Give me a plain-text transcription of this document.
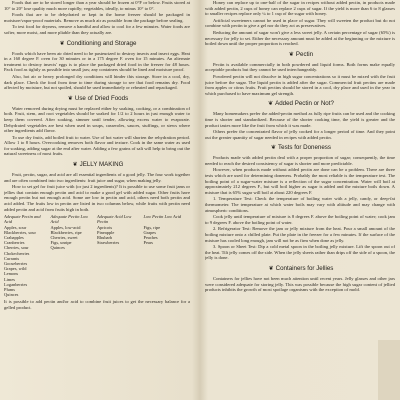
Foods that are to be stored longer than a year should be frozen at 0°F or below. Fruits stored at 10° to 20° lose quality much more rapidly; vegetables, ideally, to minus 10° to 0°.

Foods that are to be dehydrated or kept in the home freezer should be packaged in moisture/vapor-proof materials. Remove as much air as possible from the package before sealing.

To test food for dryness, remove a handful and allow to cool for a few minutes. Water foods are softer, more moist, and more pliable than they actually are.

❦ Conditioning and Storage

Foods which have been air dried need to be pasteurized to destroy insects and insect eggs. Heat in a 160 degree F. oven for 30 minutes or in a 175 degree F. oven for 15 minutes. An alternate treatment to destroy insects' eggs is to place the packaged dried food in the freezer for 48 hours. Pack food as tightly as possible into small jars; any containers should be lined and moisture proof.

Also, hot air or heavy prolonged dry conditions will hinder this storage. Store in a cool, dry, dark place. Check the food from time to time during storage to see that food remains dry. Food affected by moisture, but not spoiled, should be used immediately or reheated and repackaged.

❦ Use of Dried Foods

Water removed during drying must be replaced either by soaking, cooking, or a combination of both. Fruit, stem, and root vegetables should be soaked for 1/2 to 2 hours in just enough water to keep them covered. After soaking, simmer until tender, allowing excess water to evaporate. Dehydrated vegetables are best when used in soups, casseroles, sauces, stuffings, or stews where other ingredients add flavor.

To use dry fruits, add boiled fruit to water. Use of hot water will shorten the rehydration period. Allow 1 to 8 hours. Overcooking removes both flavor and texture. Cook in the same water as used for soaking, adding sugar at the end after water. Adding a few grains of salt will help to bring out the natural sweetness of most fruits.

❦ JELLY MAKING

Fruit, pectin, sugar, and acid are all essential ingredients of a good jelly. The four work together and are often combined into two ingredients: fruit juice and sugar, when making jelly.

How to set gel for fruit juice with (or just 2 ingredients)? It is possible to use some fruit jams or jellies that contain enough pectin and acid to make a good gel with added sugar. Other fruits have enough pectin but not enough acid. Some are low in pectin and acid, others need both pectin and acid added. The fruits low in pectin are listed in two columns below, while fruits with pectin need added pectin and acid from fruits high in both.

Adequate Pectin and Acid
Adequate Pectin Low Acid
Adequate Acid Low Pectin
Low Pectin Low Acid
Apples, sour
Blackberries, sour
Crabapples
Cranberries
Cherries, sour
Chokecherries
Currants
Gooseberries
Grapes, wild
Lemons
Limes
Loganberries
Plums
Quinces
Apples, low-acid
Blackberries, ripe
Cherries, sweet
Figs, unripe
Quinces
Apricots
Pineapple
Rhubarb
Strawberries
Figs, ripe
Grapes
Peaches
Pears

It is possible to add pectin and/or acid to combine fruit juices to get the necessary balance for a gelled product.

Honey can replace up to one-half of the sugar in recipes without added pectin, in products made with added pectin, 2 cups of honey can replace 2 cups of sugar. If the yield is more than 6 to 8 glasses to smaller recipes replace only ¼ to 1 cup of the sugar with honey.

Artificial sweeteners cannot be used in place of sugar. They will sweeten the product but do not combine with pectin to give a gel nor do they act as preservatives.

Reducing the amount of sugar won't give a less sweet jelly. A certain percentage of sugar (65%) is necessary for jelly to set. Either the necessary amount must be added at the beginning or the mixture is boiled down until the proper proportion is reached.

❦ Pectin

Pectin is available commercially in both powdered and liquid forms. Both forms make equally acceptable products but they cannot be used interchangeably.

Powdered pectin will not dissolve in high sugar concentrations so it must be mixed with the fruit juice before the sugar. The liquid pectin is added after the sugar. Commercial fruit pectins are made from apples or citrus fruits. Fruit pectins should be stored in a cool, dry place and used in the year in which purchased to have maximum gel strength.

❦ Added Pectin or Not?

Many homemakers prefer the added-pectin method as fully ripe fruits can be used and the cooking time is shorter and standardized. Because of the shorter cooking time, the yield is greater and the product tastes more like the fruit from which it was made.

Others prefer the concentrated flavor of jelly cooked for a longer period of time. And they point out the greater quantity of sugar needed in recipes with added pectin.

❦ Tests for Doneness

Products made with added pectin deal with a proper proportion of sugar; consequently, the time needed to reach the desired consistency of sugar is shorter and more predictable.

However, when products made without added pectin are done can be a problem. There are three tests which are used for determining doneness. Probably the most reliable is the temperature test. The boiling point of a sugar-water mixture is a reflection of the sugar concentration. Water will boil at approximately 212 degrees F., but will boil higher as sugar is added and the mixture boils down. A mixture that is 65% sugar will boil at about 220 degrees F.

1. Temperature Test: Check the temperature of boiling water with a jelly, candy, or deep-fat thermometer. The temperature at which water boils may vary with altitude and may change with atmospheric conditions.

Cook jelly until temperature of mixture is 8 degrees F. above the boiling point of water; cook jam to 9 degrees F. above the boiling point of water.

2. Refrigerator Test: Remove the jam or jelly mixture from the heat. Pour a small amount of the boiling mixture onto a chilled plate. Put the plate in the freezer for a few minutes. If the surface of the mixture has cooled long enough, jam will not be as firm when done as jelly.

3. Spoon or Sheet Test: Dip a cold metal spoon in the boiling jelly mixture. Lift the spoon out of the heat. Tilt jelly comes off the side. When the jelly sheets rather than drips off the side of a spoon, the jelly is done.

❦ Containers for Jellies

Containers for jellies have not been much attention until recent years. Jelly glasses and other jars were considered adequate for storing jelly. This was possible because the high sugar content of jellied products inhibits the growth of most spoilage organisms with the exception of mold.
